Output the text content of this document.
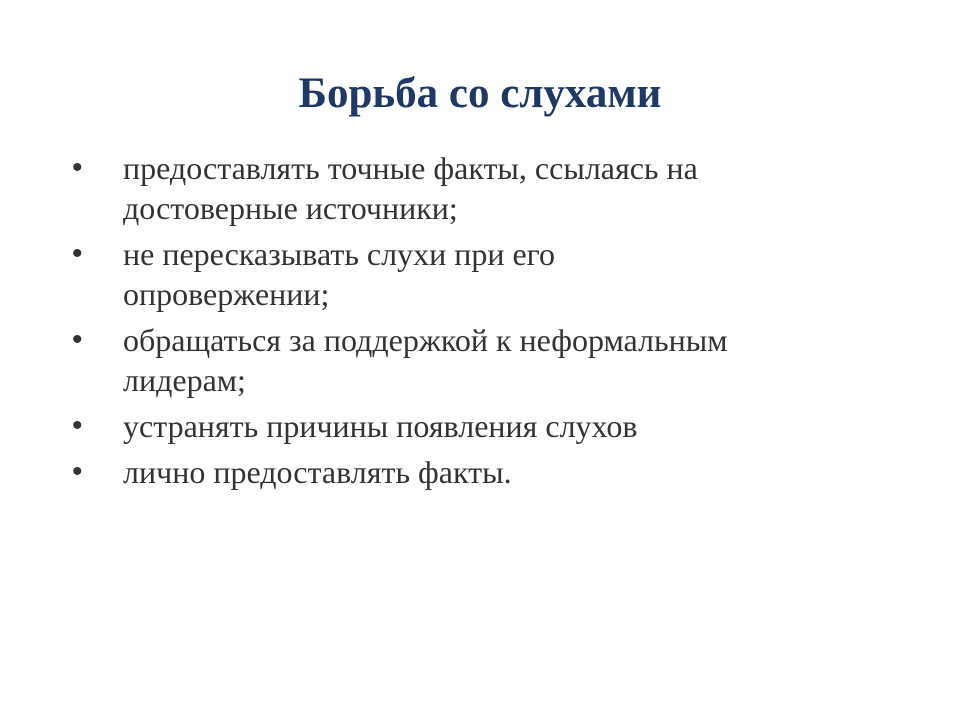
Борьба со слухами
• предоставлять точные факты, ссылаясь на
достоверные источники;
• не пересказывать слухи при его
опровержении;
• обращаться за поддержкой к неформальным
лидерам;
• устранять причины появления слухов
• лично предоставлять факты.
